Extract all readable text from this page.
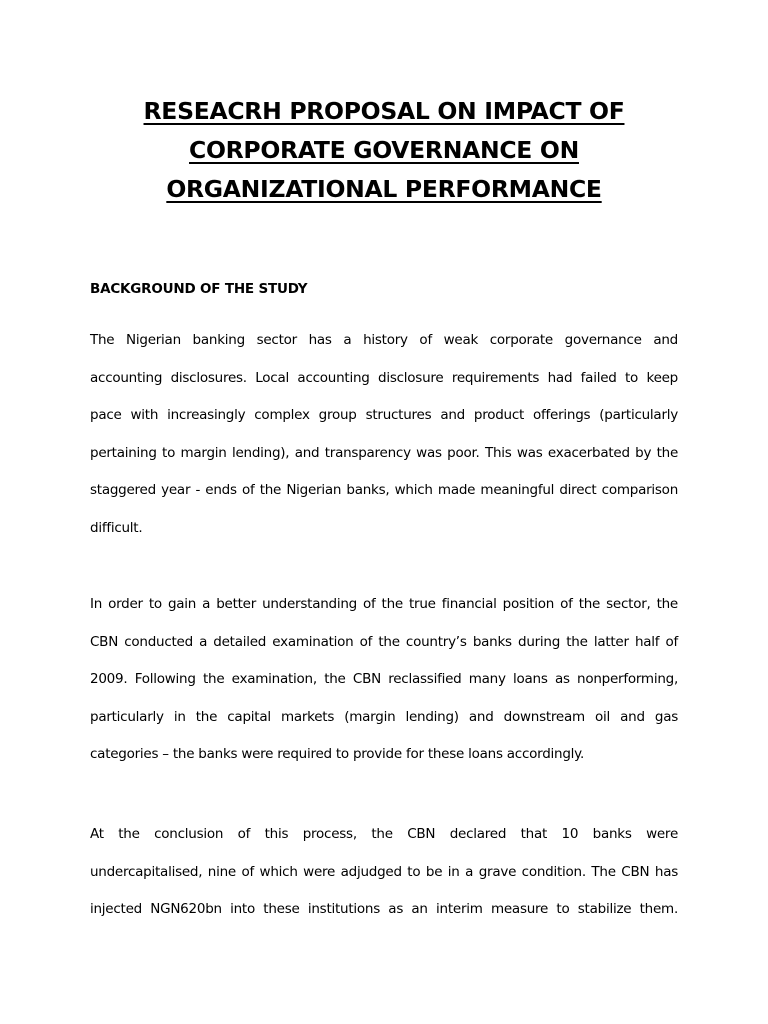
RESEACRH PROPOSAL ON IMPACT OF
CORPORATE GOVERNANCE ON
ORGANIZATIONAL PERFORMANCE
BACKGROUND OF THE STUDY

The Nigerian banking sector has a history of weak corporate governance and
accounting disclosures. Local accounting disclosure requirements had failed to keep
pace with increasingly complex group structures and product offerings (particularly
pertaining to margin lending), and transparency was poor. This was exacerbated by the
staggered year - ends of the Nigerian banks, which made meaningful direct comparison
difficult.

In order to gain a better understanding of the true financial position of the sector, the
CBN conducted a detailed examination of the country’s banks during the latter half of
2009. Following the examination, the CBN reclassified many loans as nonperforming,
particularly in the capital markets (margin lending) and downstream oil and gas
categories – the banks were required to provide for these loans accordingly.

At the conclusion of this process, the CBN declared that 10 banks were
undercapitalised, nine of which were adjudged to be in a grave condition. The CBN has
injected NGN620bn into these institutions as an interim measure to stabilize them.
